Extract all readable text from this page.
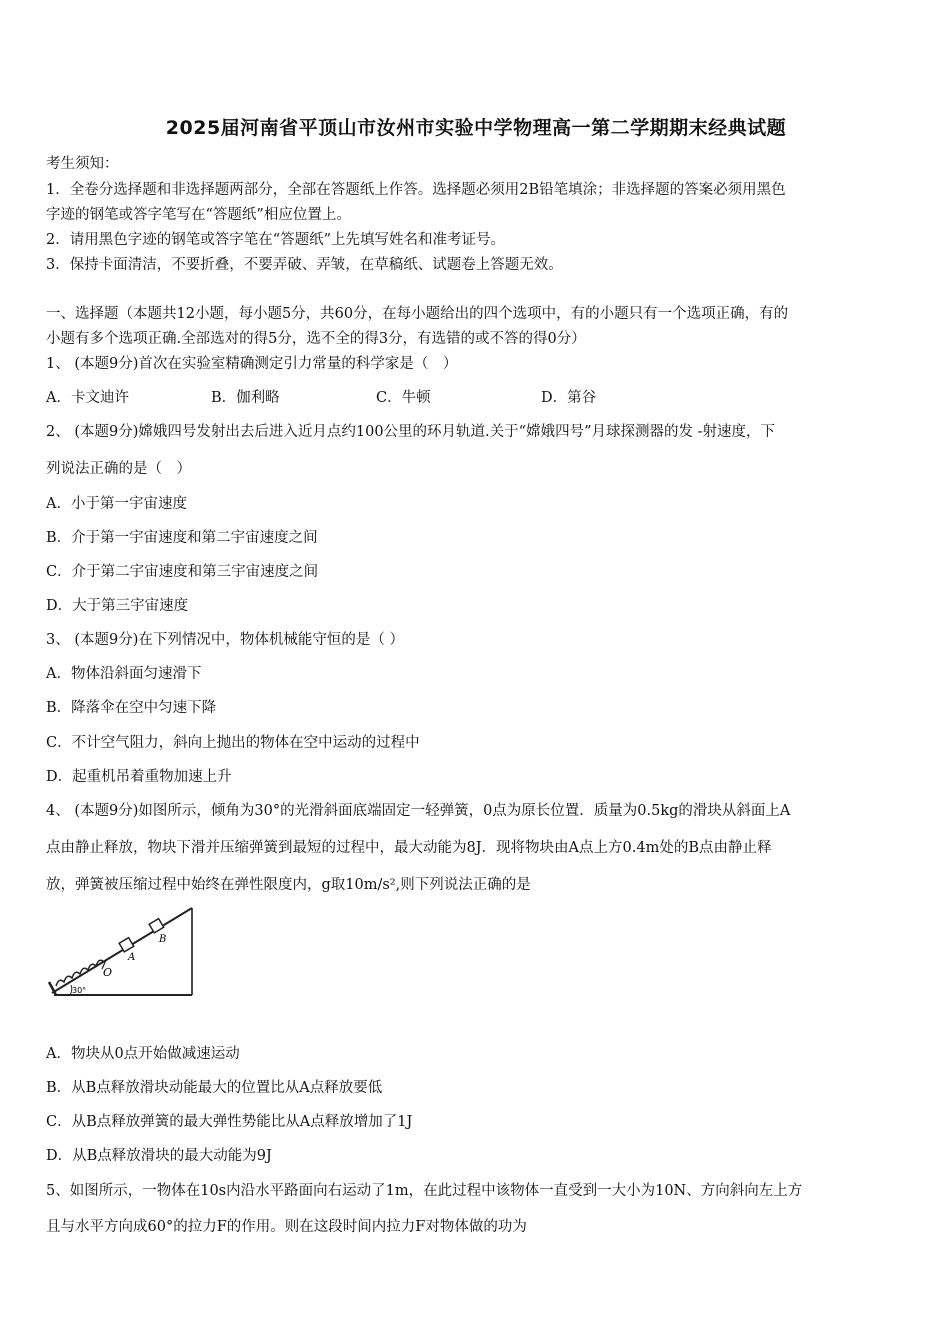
2025届河南省平顶山市汝州市实验中学物理高一第二学期期末经典试题
考生须知：
1．全卷分选择题和非选择题两部分，全部在答题纸上作答。选择题必须用2B铅笔填涂；非选择题的答案必须用黑色
字迹的钢笔或答字笔写在“答题纸”相应位置上。
2．请用黑色字迹的钢笔或答字笔在“答题纸”上先填写姓名和准考证号。
3．保持卡面清洁，不要折叠，不要弄破、弄皱，在草稿纸、试题卷上答题无效。
一、选择题（本题共12小题，每小题5分，共60分，在每小题给出的四个选项中，有的小题只有一个选项正确，有的
小题有多个选项正确.全部选对的得5分，选不全的得3分，有选错的或不答的得0分）
1、 (本题9分)首次在实验室精确测定引力常量的科学家是（　）
A．卡文迪许	B．伽利略	C．牛顿	D．第谷
2、 (本题9分)嫦娥四号发射出去后进入近月点约100公里的环月轨道.关于“嫦娥四号”月球探测器的发 -射速度，下
列说法正确的是（　）
A．小于第一宇宙速度
B．介于第一宇宙速度和第二宇宙速度之间
C．介于第二宇宙速度和第三宇宙速度之间
D．大于第三宇宙速度
3、 (本题9分)在下列情况中，物体机械能守恒的是（ ）
A．物体沿斜面匀速滑下
B．降落伞在空中匀速下降
C．不计空气阻力，斜向上抛出的物体在空中运动的过程中
D．起重机吊着重物加速上升
4、 (本题9分)如图所示，倾角为30°的光滑斜面底端固定一轻弹簧，0点为原长位置．质量为0.5kg的滑块从斜面上A
点由静止释放，物块下滑并压缩弹簧到最短的过程中，最大动能为8J．现将物块由A点上方0.4m处的B点由静止释
放，弹簧被压缩过程中始终在弹性限度内，g取10m/s²,则下列说法正确的是
O
A
B
30°
A．物块从0点开始做减速运动
B．从B点释放滑块动能最大的位置比从A点释放要低
C．从B点释放弹簧的最大弹性势能比从A点释放增加了1J
D．从B点释放滑块的最大动能为9J
5、如图所示，一物体在10s内沿水平路面向右运动了1m，在此过程中该物体一直受到一大小为10N、方向斜向左上方
且与水平方向成60°的拉力F的作用。则在这段时间内拉力F对物体做的功为
